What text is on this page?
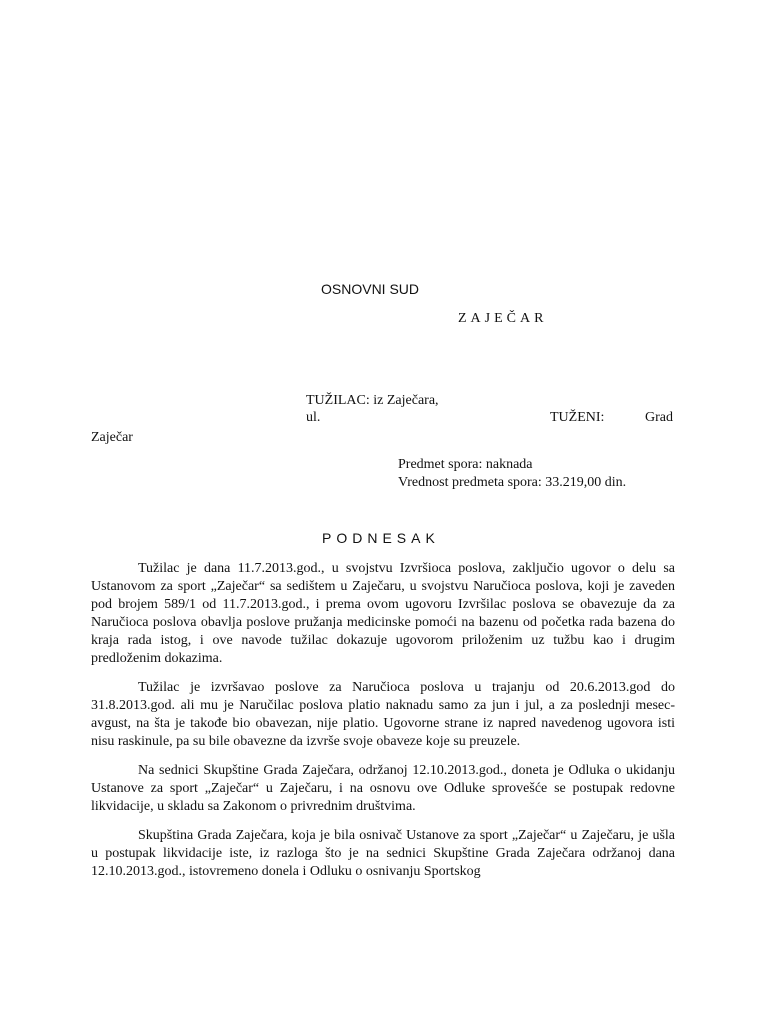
OSNOVNI SUD
ZAJEČAR
TUŽILAC: iz Zaječara,
ul.	TUŽENI:	Grad
Zaječar
Predmet spora: naknada
Vrednost predmeta spora: 33.219,00 din.
PODNESAK

Tužilac je dana 11.7.2013.god., u svojstvu Izvršioca poslova, zaključio ugovor o delu sa Ustanovom za sport „Zaječar“ sa sedištem u Zaječaru, u svojstvu Naručioca poslova, koji je zaveden pod brojem 589/1 od 11.7.2013.god., i prema ovom ugovoru Izvršilac poslova se obavezuje da za Naručioca poslova obavlja poslove pružanja medicinske pomoći na bazenu od početka rada bazena do kraja rada istog, i ove navode tužilac dokazuje ugovorom priloženim uz tužbu kao i drugim predloženim dokazima.

Tužilac je izvršavao poslove za Naručioca poslova u trajanju od 20.6.2013.god do 31.8.2013.god. ali mu je Naručilac poslova platio naknadu samo za jun i jul, a za poslednji mesec-avgust, na šta je takođe bio obavezan, nije platio. Ugovorne strane iz napred navedenog ugovora isti nisu raskinule, pa su bile obavezne da izvrše svoje obaveze koje su preuzele.

Na sednici Skupštine Grada Zaječara, održanoj 12.10.2013.god., doneta je Odluka o ukidanju Ustanove za sport „Zaječar“ u Zaječaru, i na osnovu ove Odluke sprovešće se postupak redovne likvidacije, u skladu sa Zakonom o privrednim društvima.

Skupština Grada Zaječara, koja je bila osnivač Ustanove za sport „Zaječar“ u Zaječaru, je ušla u postupak likvidacije iste, iz razloga što je na sednici Skupštine Grada Zaječara održanoj dana 12.10.2013.god., istovremeno donela i Odluku o osnivanju Sportskog
